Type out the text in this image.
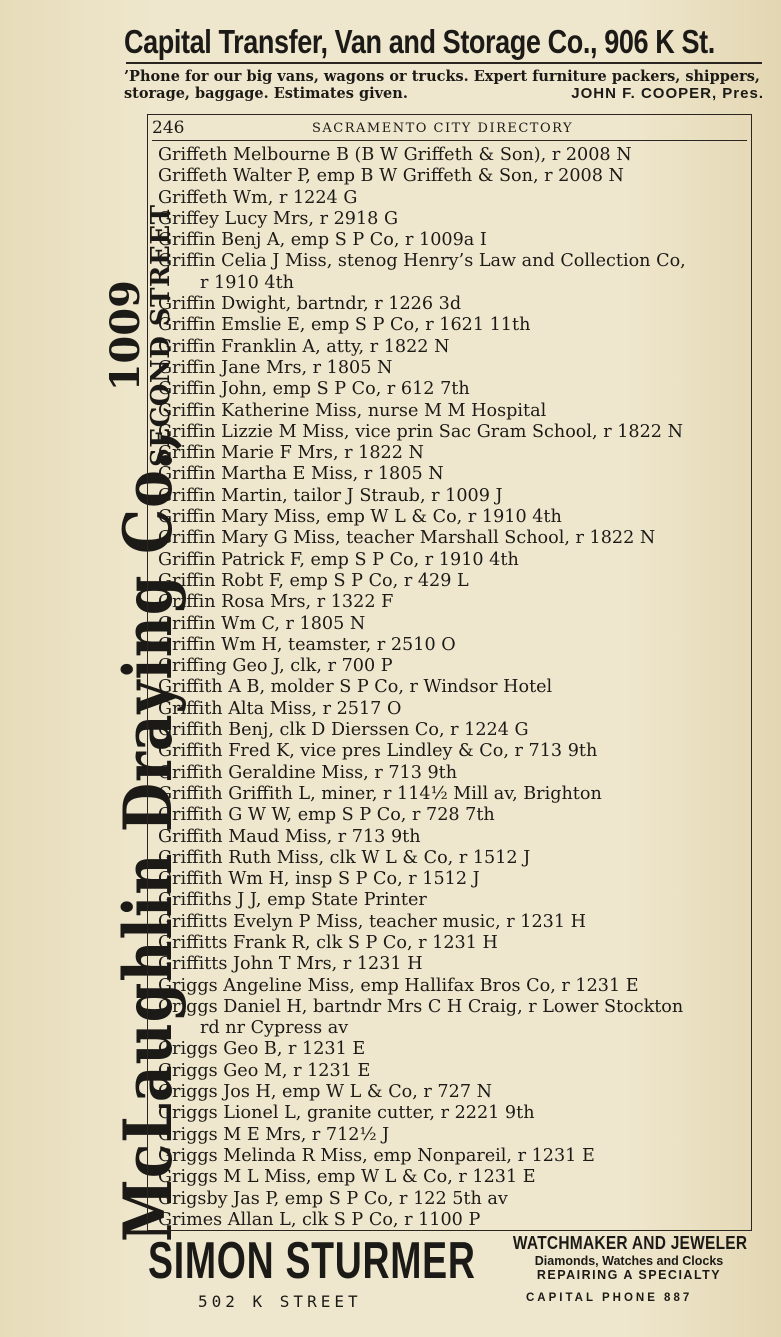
Capital Transfer, Van and Storage Co., 906 K St.
’Phone for our big vans, wagons or trucks. Expert furniture packers, shippers,
storage, baggage. Estimates given.	JOHN F. COOPER, Pres.
McLaughlin Draying Co.,
1009
SECOND STREET
246	SACRAMENTO CITY DIRECTORY
Griffeth Melbourne B (B W Griffeth & Son), r 2008 N
Griffeth Walter P, emp B W Griffeth & Son, r 2008 N
Griffeth Wm, r 1224 G
Griffey Lucy Mrs, r 2918 G
Griffin Benj A, emp S P Co, r 1009a I
Griffin Celia J Miss, stenog Henry’s Law and Collection Co,
r 1910 4th
Griffin Dwight, bartndr, r 1226 3d
Griffin Emslie E, emp S P Co, r 1621 11th
Griffin Franklin A, atty, r 1822 N
Griffin Jane Mrs, r 1805 N
Griffin John, emp S P Co, r 612 7th
Griffin Katherine Miss, nurse M M Hospital
Griffin Lizzie M Miss, vice prin Sac Gram School, r 1822 N
Griffin Marie F Mrs, r 1822 N
Griffin Martha E Miss, r 1805 N
Griffin Martin, tailor J Straub, r 1009 J
Griffin Mary Miss, emp W L & Co, r 1910 4th
Griffin Mary G Miss, teacher Marshall School, r 1822 N
Griffin Patrick F, emp S P Co, r 1910 4th
Griffin Robt F, emp S P Co, r 429 L
Griffin Rosa Mrs, r 1322 F
Griffin Wm C, r 1805 N
Griffin Wm H, teamster, r 2510 O
Griffing Geo J, clk, r 700 P
Griffith A B, molder S P Co, r Windsor Hotel
Griffith Alta Miss, r 2517 O
Griffith Benj, clk D Dierssen Co, r 1224 G
Griffith Fred K, vice pres Lindley & Co, r 713 9th
Griffith Geraldine Miss, r 713 9th
Griffith Griffith L, miner, r 114½ Mill av, Brighton
Griffith G W W, emp S P Co, r 728 7th
Griffith Maud Miss, r 713 9th
Griffith Ruth Miss, clk W L & Co, r 1512 J
Griffith Wm H, insp S P Co, r 1512 J
Griffiths J J, emp State Printer
Griffitts Evelyn P Miss, teacher music, r 1231 H
Griffitts Frank R, clk S P Co, r 1231 H
Griffitts John T Mrs, r 1231 H
Griggs Angeline Miss, emp Hallifax Bros Co, r 1231 E
Griggs Daniel H, bartndr Mrs C H Craig, r Lower Stockton
rd nr Cypress av
Griggs Geo B, r 1231 E
Griggs Geo M, r 1231 E
Griggs Jos H, emp W L & Co, r 727 N
Griggs Lionel L, granite cutter, r 2221 9th
Griggs M E Mrs, r 712½ J
Griggs Melinda R Miss, emp Nonpareil, r 1231 E
Griggs M L Miss, emp W L & Co, r 1231 E
Grigsby Jas P, emp S P Co, r 122 5th av
Grimes Allan L, clk S P Co, r 1100 P
SIMON STURMER WATCHMAKER AND JEWELER
Diamonds, Watches and Clocks
REPAIRING A SPECIALTY
502 K STREET	CAPITAL PHONE 887
